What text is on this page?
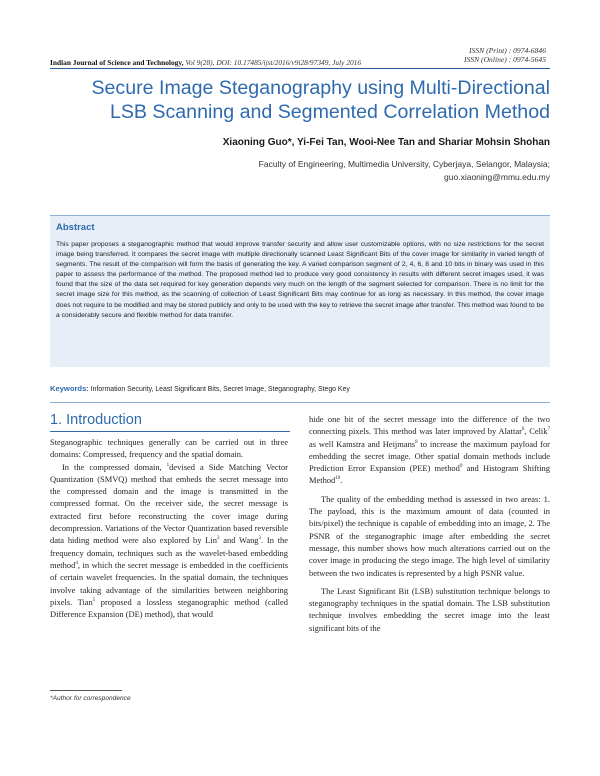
ISSN (Print) : 0974-6846
ISSN (Online) : 0974-5645
Indian Journal of Science and Technology, Vol 9(28), DOI: 10.17485/ijst/2016/v9i28/97349, July 2016
Secure Image Steganography using Multi-Directional
LSB Scanning and Segmented Correlation Method
Xiaoning Guo*, Yi-Fei Tan, Wooi-Nee Tan and Shariar Mohsin Shohan
Faculty of Engineering, Multimedia University, Cyberjaya, Selangor, Malaysia;
guo.xiaoning@mmu.edu.my
Abstract
This paper proposes a steganographic method that would improve transfer security and allow user customizable options, with no size restrictions for the secret image being transferred. It compares the secret image with multiple directionally scanned Least Significant Bits of the cover image for similarity in varied length of segments. The result of the comparison will form the basis of generating the key. A varied comparison segment of 2, 4, 6, 8 and 10 bits in binary was used in this paper to assess the performance of the method. The proposed method led to produce very good consistency in results with different secret images used, it was found that the size of the data set required for key generation depends very much on the length of the segment selected for comparison. There is no limit for the secret image size for this method, as the scanning of collection of Least Significant Bits may continue for as long as necessary. In this method, the cover image does not require to be modified and may be stored publicly and only to be used with the key to retrieve the secret image after transfer. This method was found to be a considerably secure and flexible method for data transfer.
Keywords: Information Security, Least Significant Bits, Secret Image, Steganography, Stego Key
1. Introduction

Steganographic techniques generally can be carried out in three domains: Compressed, frequency and the spatial domain.

In the compressed domain, $^1$devised a Side Matching Vector Quantization (SMVQ) method that embeds the secret message into the compressed domain and the image is transmitted in the compressed format. On the receiver side, the secret message is extracted first before reconstructing the cover image during decompression. Variations of the Vector Quantization based reversible data hiding method were also explored by Lin$^2$ and Wang$^3$. In the frequency domain, techniques such as the wavelet-based embedding method$^4$, in which the secret message is embedded in the coefficients of certain wavelet frequencies. In the spatial domain, the techniques involve taking advantage of the similarities between neighboring pixels. Tian$^5$ proposed a lossless steganographic method (called Difference Expansion (DE) method), that would

hide one bit of the secret message into the difference of the two connecting pixels. This method was later improved by Alattar$^6$, Celik$^7$ as well Kamstra and Heijmans$^8$ to increase the maximum payload for embedding the secret image. Other spatial domain methods include Prediction Error Expansion (PEE) method$^9$ and Histogram Shifting Method$^{10}$.

The quality of the embedding method is assessed in two areas: 1. The payload, this is the maximum amount of data (counted in bits/pixel) the technique is capable of embedding into an image, 2. The PSNR of the steganographic image after embedding the secret message, this number shows how much alterations carried out on the cover image in producing the stego image. The high level of similarity between the two indicates is represented by a high PSNR value.

The Least Significant Bit (LSB) substitution technique belongs to steganography techniques in the spatial domain. The LSB substitution technique involves embedding the secret image into the least significant bits of the

*Author for correspondence
